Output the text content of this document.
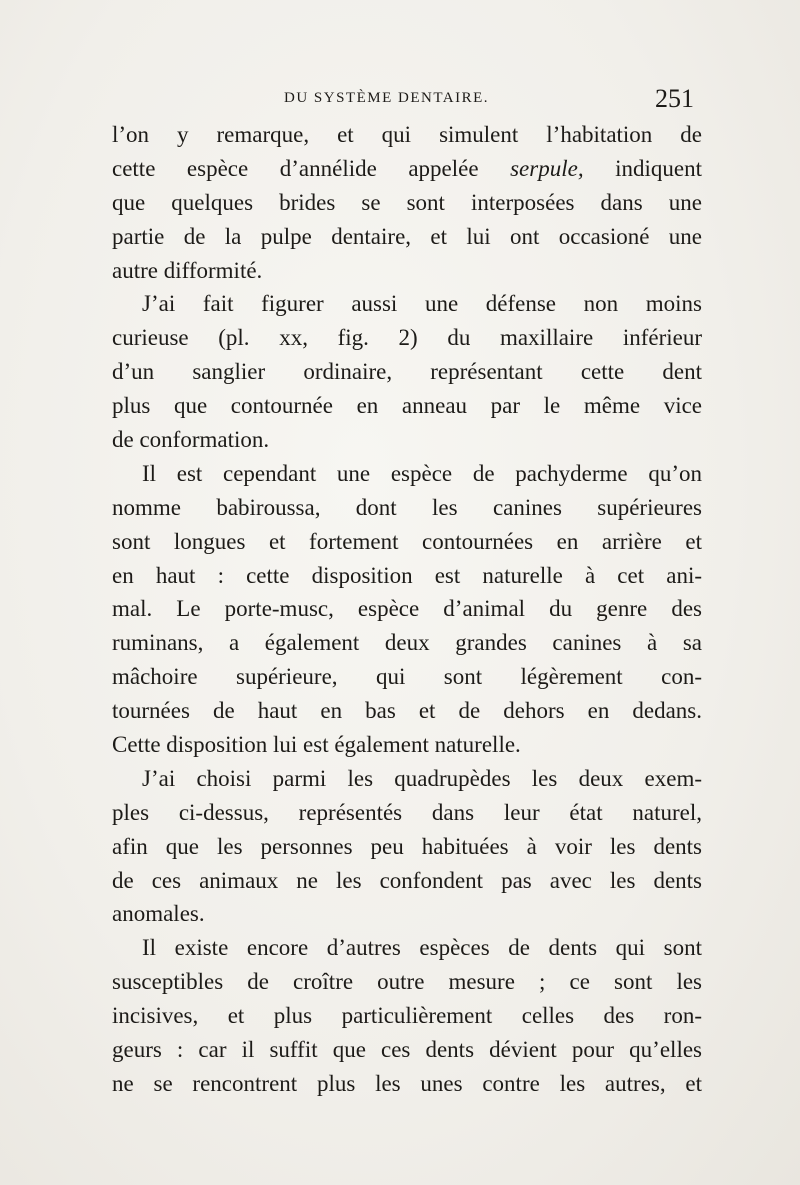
DU SYSTÈME DENTAIRE.	251
l’on y remarque, et qui simulent l’habitation de
cette espèce d’annélide appelée serpule, indiquent
que quelques brides se sont interposées dans une
partie de la pulpe dentaire, et lui ont occasioné une
autre difformité.
J’ai fait figurer aussi une défense non moins
curieuse (pl. xx, fig. 2) du maxillaire inférieur
d’un sanglier ordinaire, représentant cette dent
plus que contournée en anneau par le même vice
de conformation.
Il est cependant une espèce de pachyderme qu’on
nomme babiroussa, dont les canines supérieures
sont longues et fortement contournées en arrière et
en haut : cette disposition est naturelle à cet ani-
mal. Le porte-musc, espèce d’animal du genre des
ruminans, a également deux grandes canines à sa
mâchoire supérieure, qui sont légèrement con-
tournées de haut en bas et de dehors en dedans.
Cette disposition lui est également naturelle.
J’ai choisi parmi les quadrupèdes les deux exem-
ples ci-dessus, représentés dans leur état naturel,
afin que les personnes peu habituées à voir les dents
de ces animaux ne les confondent pas avec les dents
anomales.
Il existe encore d’autres espèces de dents qui sont
susceptibles de croître outre mesure ; ce sont les
incisives, et plus particulièrement celles des ron-
geurs : car il suffit que ces dents dévient pour qu’elles
ne se rencontrent plus les unes contre les autres, et
